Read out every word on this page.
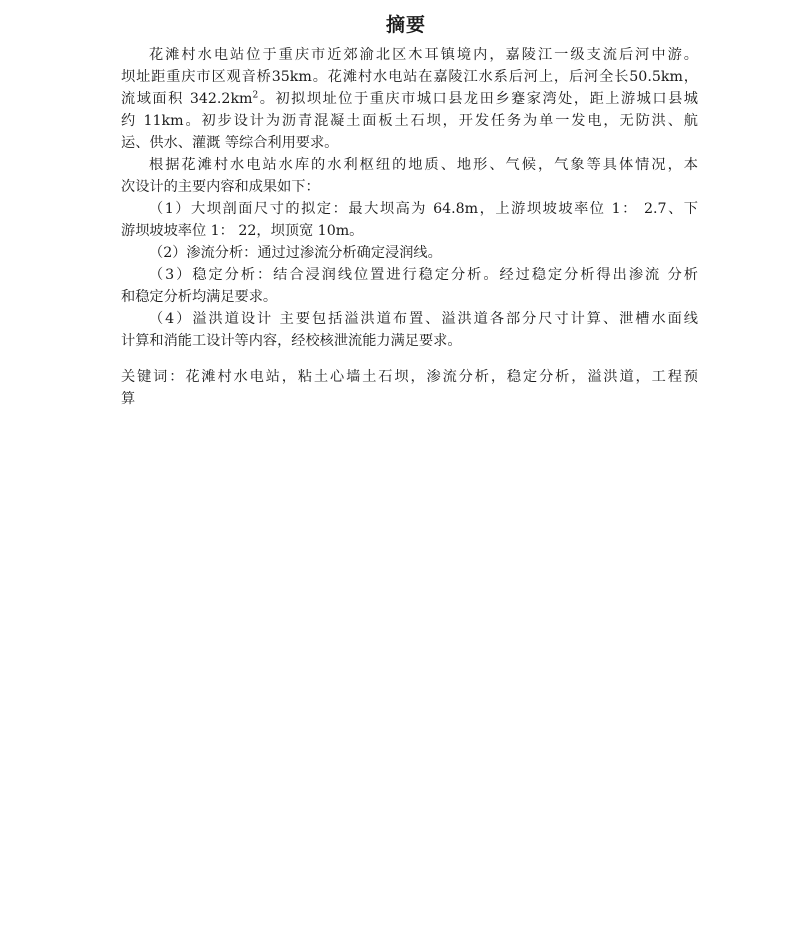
摘要
花滩村水电站位于重庆市近郊渝北区木耳镇境内，嘉陵江一级支流后河中游。
坝址距重庆市区观音桥35km。花滩村水电站在嘉陵江水系后河上，后河全长50.5km，
流域面积 $342.2km^2$。初拟坝址位于重庆市城口县龙田乡蹇家湾处，距上游城口县城
约 11km。初步设计为沥青混凝土面板土石坝，开发任务为单一发电，无防洪、航
运、供水、灌溉 等综合利用要求。
根据花滩村水电站水库的水利枢纽的地质、地形、气候，气象等具体情况，本
次设计的主要内容和成果如下：
（1）大坝剖面尺寸的拟定：最大坝高为 64.8m，上游坝坡坡率位 1： 2.7、下
游坝坡坡率位 1： 22，坝顶宽 10m。
（2）渗流分析：通过过渗流分析确定浸润线。
（3）稳定分析：结合浸润线位置进行稳定分析。经过稳定分析得出渗流 分析
和稳定分析均满足要求。
（4）溢洪道设计 主要包括溢洪道布置、溢洪道各部分尺寸计算、泄槽水面线
计算和消能工设计等内容，经校核泄流能力满足要求。
关键词：花滩村水电站，粘土心墙土石坝，渗流分析，稳定分析，溢洪道，工程预
算
